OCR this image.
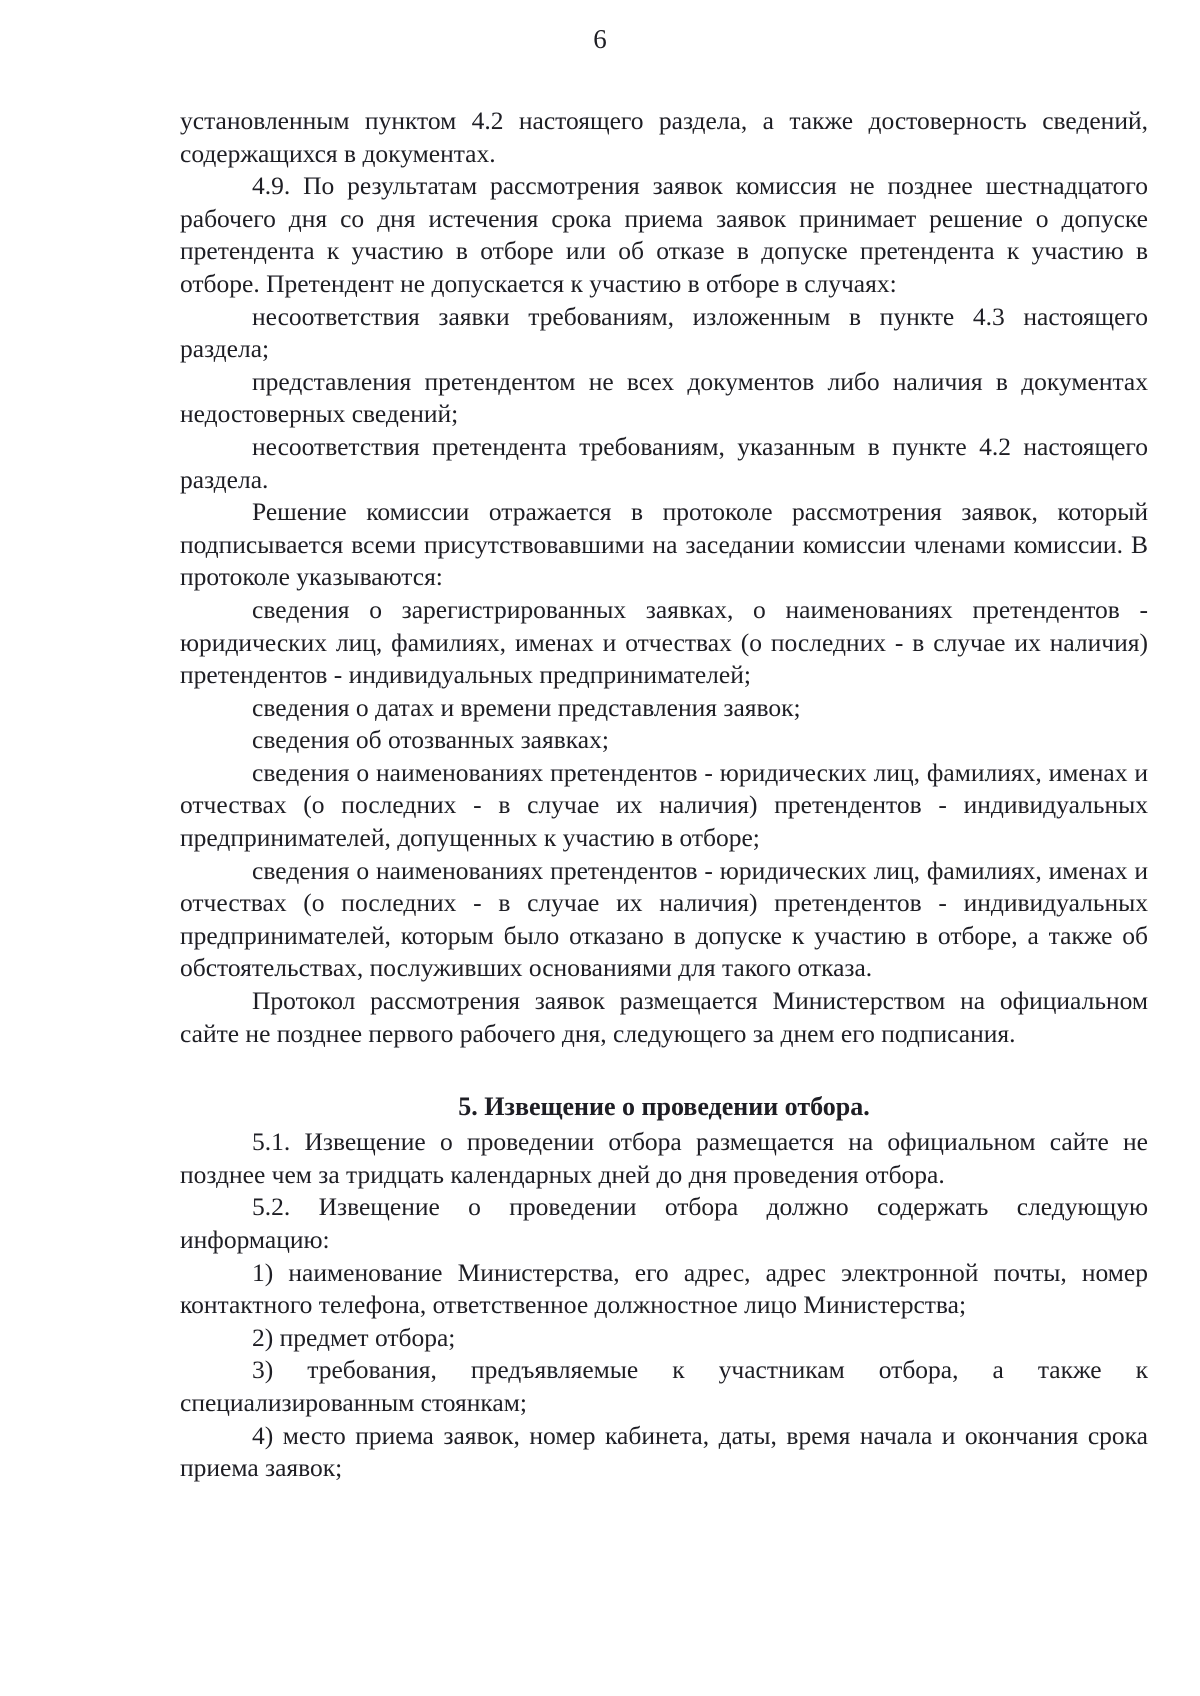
6

установленным пунктом 4.2 настоящего раздела, а также достоверность сведений, содержащихся в документах.

4.9. По результатам рассмотрения заявок комиссия не позднее шестнадцатого рабочего дня со дня истечения срока приема заявок принимает решение о допуске претендента к участию в отборе или об отказе в допуске претендента к участию в отборе. Претендент не допускается к участию в отборе в случаях:

несоответствия заявки требованиям, изложенным в пункте 4.3 настоящего раздела;

представления претендентом не всех документов либо наличия в документах недостоверных сведений;

несоответствия претендента требованиям, указанным в пункте 4.2 настоящего раздела.

Решение комиссии отражается в протоколе рассмотрения заявок, который подписывается всеми присутствовавшими на заседании комиссии членами комиссии. В протоколе указываются:

сведения о зарегистрированных заявках, о наименованиях претендентов - юридических лиц, фамилиях, именах и отчествах (о последних - в случае их наличия) претендентов - индивидуальных предпринимателей;

сведения о датах и времени представления заявок;

сведения об отозванных заявках;

сведения о наименованиях претендентов - юридических лиц, фамилиях, именах и отчествах (о последних - в случае их наличия) претендентов - индивидуальных предпринимателей, допущенных к участию в отборе;

сведения о наименованиях претендентов - юридических лиц, фамилиях, именах и отчествах (о последних - в случае их наличия) претендентов - индивидуальных предпринимателей, которым было отказано в допуске к участию в отборе, а также об обстоятельствах, послуживших основаниями для такого отказа.

Протокол рассмотрения заявок размещается Министерством на официальном сайте не позднее первого рабочего дня, следующего за днем его подписания.

5. Извещение о проведении отбора.

5.1. Извещение о проведении отбора размещается на официальном сайте не позднее чем за тридцать календарных дней до дня проведения отбора.

5.2. Извещение о проведении отбора должно содержать следующую информацию:

1) наименование Министерства, его адрес, адрес электронной почты, номер контактного телефона, ответственное должностное лицо Министерства;

2) предмет отбора;

3) требования, предъявляемые к участникам отбора, а также к специализированным стоянкам;

4) место приема заявок, номер кабинета, даты, время начала и окончания срока приема заявок;
